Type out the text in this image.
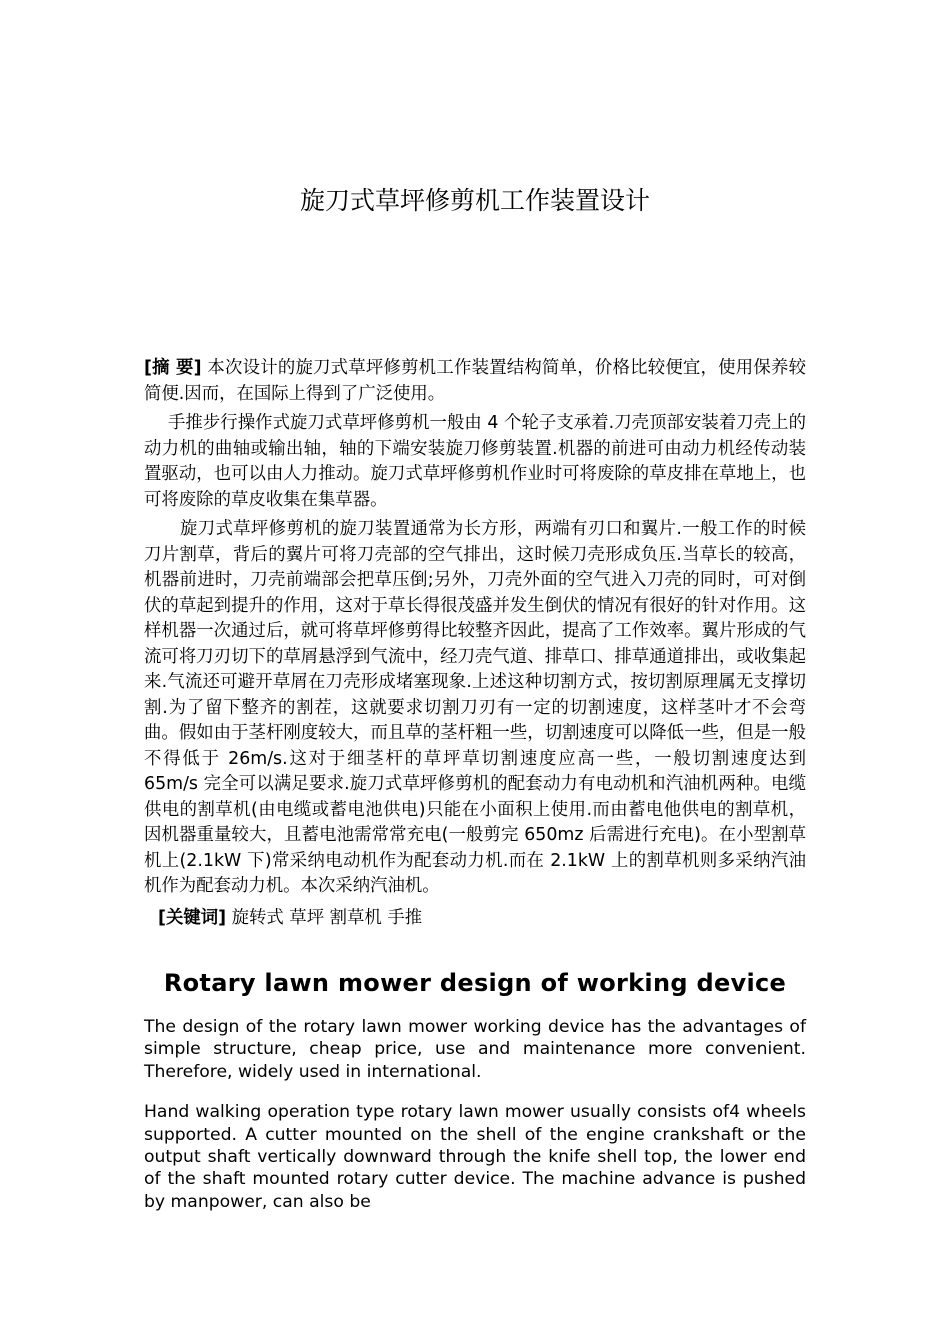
旋刀式草坪修剪机工作装置设计

[摘 要] 本次设计的旋刀式草坪修剪机工作装置结构简单，价格比较便宜，使用保养较简便.因而，在国际上得到了广泛使用。

手推步行操作式旋刀式草坪修剪机一般由 4 个轮子支承着.刀壳顶部安装着刀壳上的动力机的曲轴或输出轴，轴的下端安装旋刀修剪装置.机器的前进可由动力机经传动装置驱动，也可以由人力推动。旋刀式草坪修剪机作业时可将废除的草皮排在草地上，也可将废除的草皮收集在集草器。

旋刀式草坪修剪机的旋刀装置通常为长方形，两端有刃口和翼片.一般工作的时候刀片割草，背后的翼片可将刀壳部的空气排出，这时候刀壳形成负压.当草长的较高，机器前进时，刀壳前端部会把草压倒;另外，刀壳外面的空气进入刀壳的同时，可对倒伏的草起到提升的作用，这对于草长得很茂盛并发生倒伏的情况有很好的针对作用。这样机器一次通过后，就可将草坪修剪得比较整齐因此，提高了工作效率。翼片形成的气流可将刀刃切下的草屑悬浮到气流中，经刀壳气道、排草口、排草通道排出，或收集起来.气流还可避开草屑在刀壳形成堵塞现象.上述这种切割方式，按切割原理属无支撑切割.为了留下整齐的割茬，这就要求切割刀刃有一定的切割速度，这样茎叶才不会弯曲。假如由于茎杆刚度较大，而且草的茎杆粗一些，切割速度可以降低一些，但是一般不得低于 26m/s.这对于细茎杆的草坪草切割速度应高一些，一般切割速度达到 65m/s 完全可以满足要求.旋刀式草坪修剪机的配套动力有电动机和汽油机两种。电缆供电的割草机(由电缆或蓄电池供电)只能在小面积上使用.而由蓄电他供电的割草机，因机器重量较大，且蓄电池需常常充电(一般剪完 650mz 后需进行充电)。在小型割草机上(2.1kW 下)常采纳电动机作为配套动力机.而在 2.1kW 上的割草机则多采纳汽油机作为配套动力机。本次采纳汽油机。

[关键词] 旋转式 草坪 割草机 手推

Rotary lawn mower design of working device

The design of the rotary lawn mower working device has the advantages of simple structure, cheap price, use and maintenance more convenient. Therefore, widely used in international.

Hand walking operation type rotary lawn mower usually consists of4 wheels supported. A cutter mounted on the shell of the engine crankshaft or the output shaft vertically downward through the knife shell top, the lower end of the shaft mounted rotary cutter device. The machine advance is pushed by manpower, can also be
